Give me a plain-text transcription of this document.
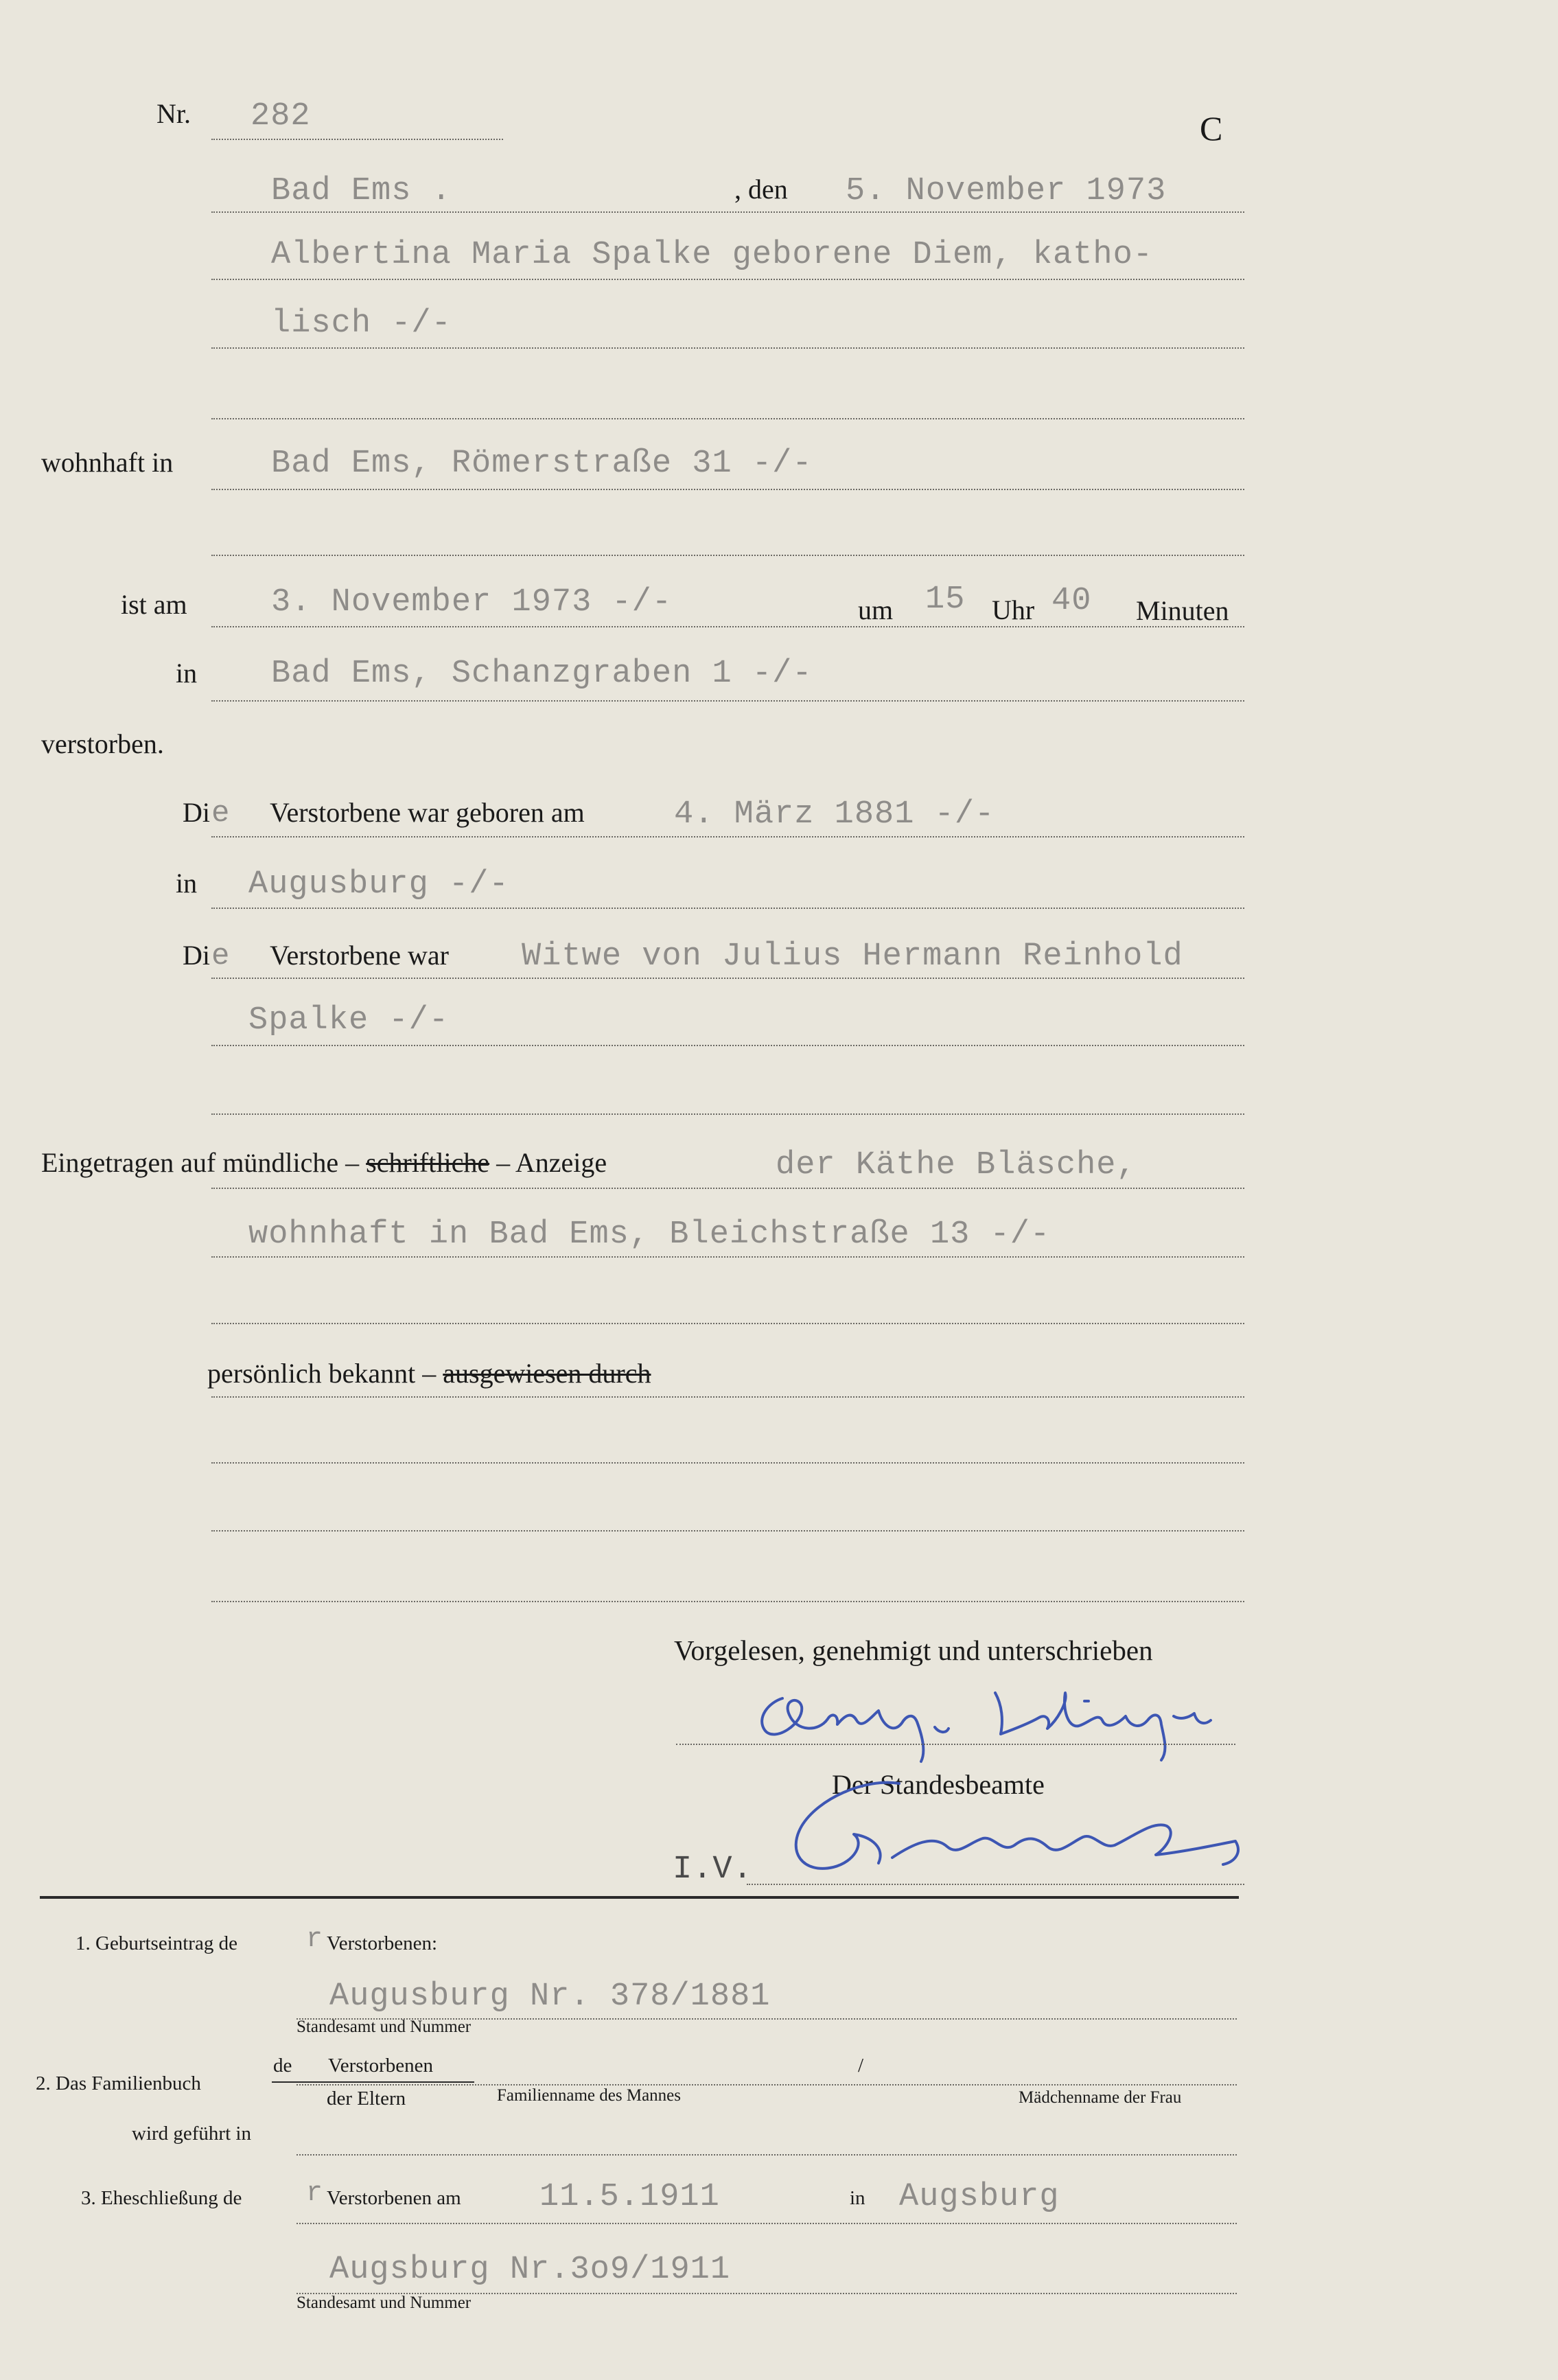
Nr. 282	C
Bad Ems .	, den 5. November 1973
Albertina Maria Spalke geborene Diem, katho-
lisch -/-
wohnhaft in	Bad Ems, Römerstraße 31 -/-
ist am	3. November 1973 -/-	um 15 Uhr 40 Minuten
in Bad Ems, Schanzgraben 1 -/-
verstorben.
Di e Verstorbene war geboren am	4. März 1881 -/-
in Augusburg -/-
Di e Verstorbene war Witwe von Julius Hermann Reinhold
Spalke -/-
Eingetragen auf mündliche – schriftliche – Anzeige	der Käthe Bläsche,
wohnhaft in Bad Ems, Bleichstraße 13 -/-
persönlich bekannt – ausgewiesen durch
Vorgelesen, genehmigt und unterschrieben
Der Standesbeamte
I.V.
1. Geburtseintrag de	r Verstorbenen:
Augusburg Nr. 378/1881
Standesamt und Nummer
de Verstorbenen	/
2. Das Familienbuch
der Eltern	Familienname des Mannes	Mädchenname der Frau
wird geführt in
3. Eheschließung de r Verstorbenen am 11.5.1911	in Augsburg
Augsburg Nr.3o9/1911
Standesamt und Nummer
